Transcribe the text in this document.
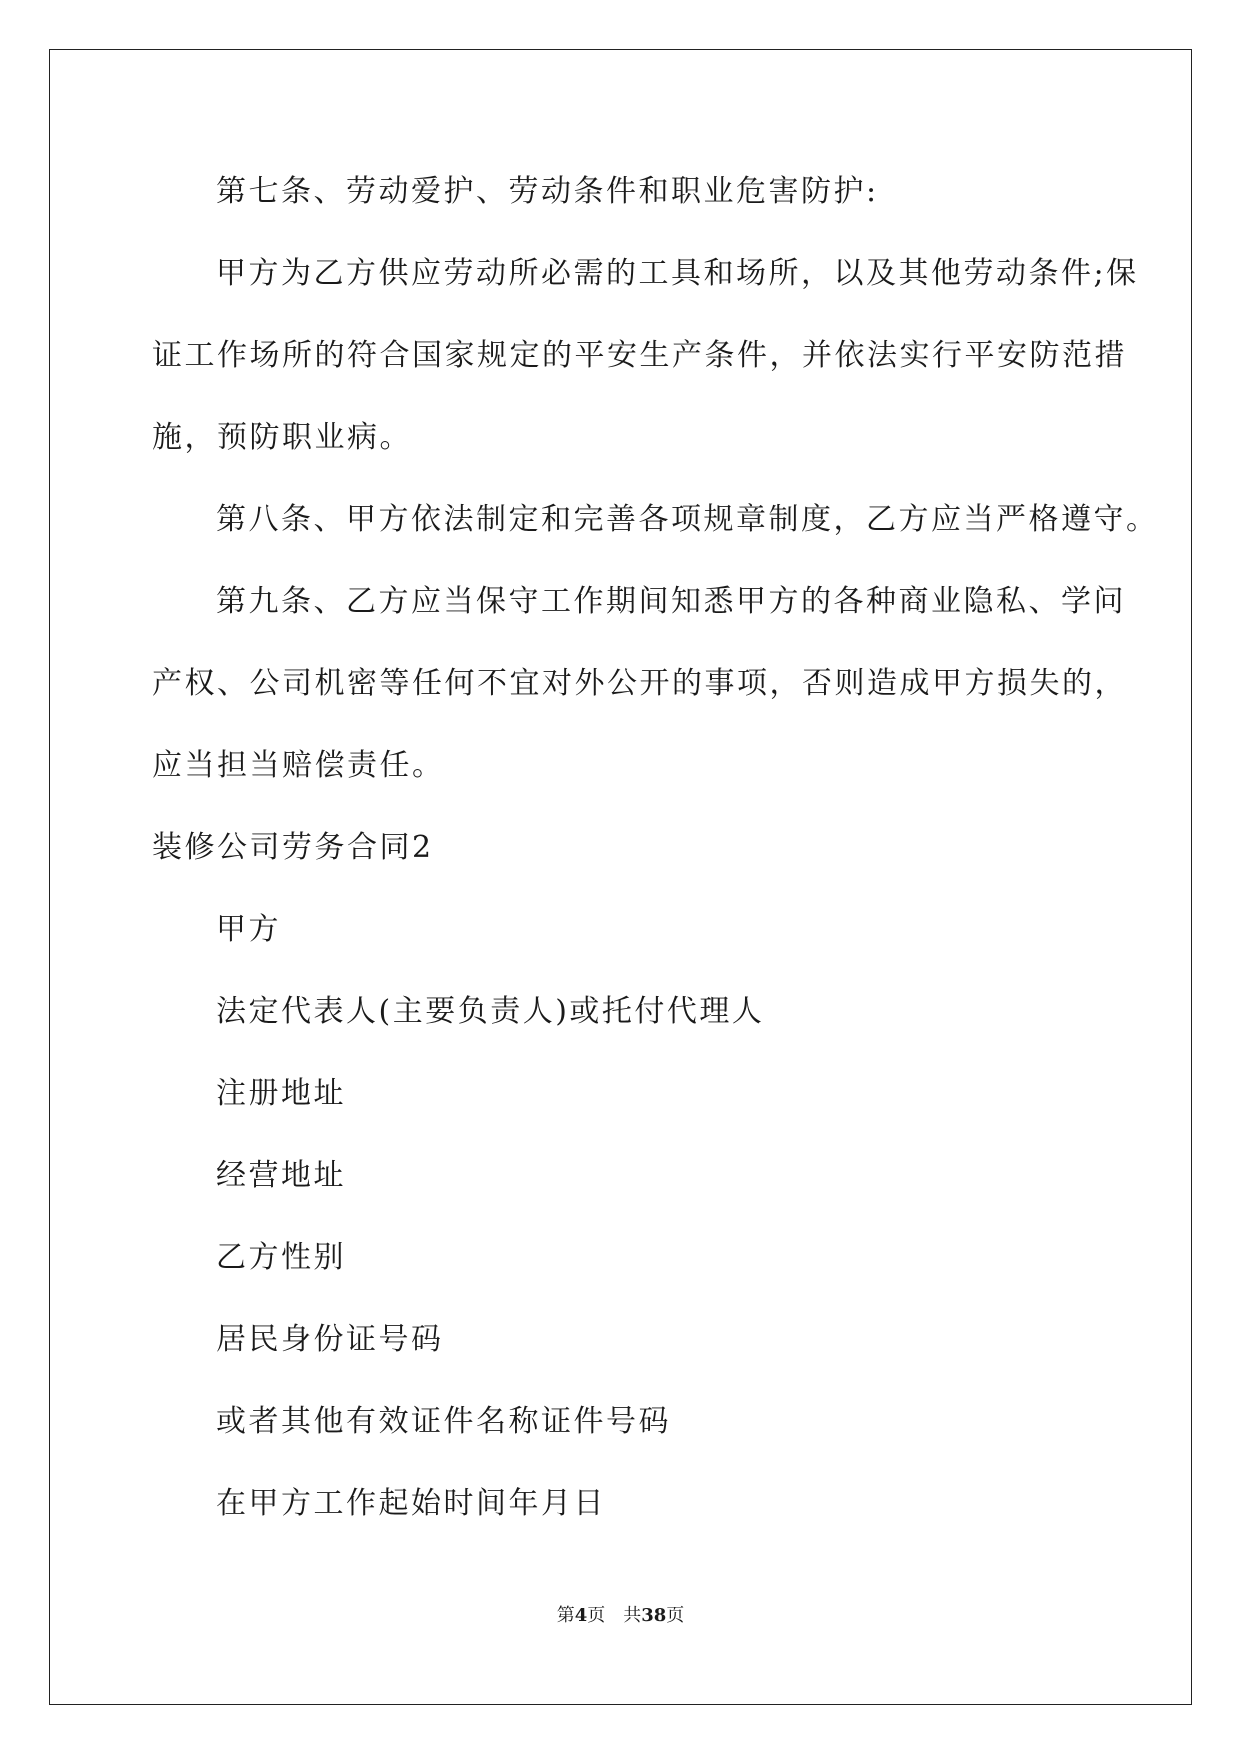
第七条、劳动爱护、劳动条件和职业危害防护:
甲方为乙方供应劳动所必需的工具和场所，以及其他劳动条件;保
证工作场所的符合国家规定的平安生产条件，并依法实行平安防范措
施，预防职业病。
第八条、甲方依法制定和完善各项规章制度，乙方应当严格遵守。
第九条、乙方应当保守工作期间知悉甲方的各种商业隐私、学问
产权、公司机密等任何不宜对外公开的事项，否则造成甲方损失的，
应当担当赔偿责任。
装修公司劳务合同2
甲方
法定代表人(主要负责人)或托付代理人
注册地址
经营地址
乙方性别
居民身份证号码
或者其他有效证件名称证件号码
在甲方工作起始时间年月日
第4页 共38页
